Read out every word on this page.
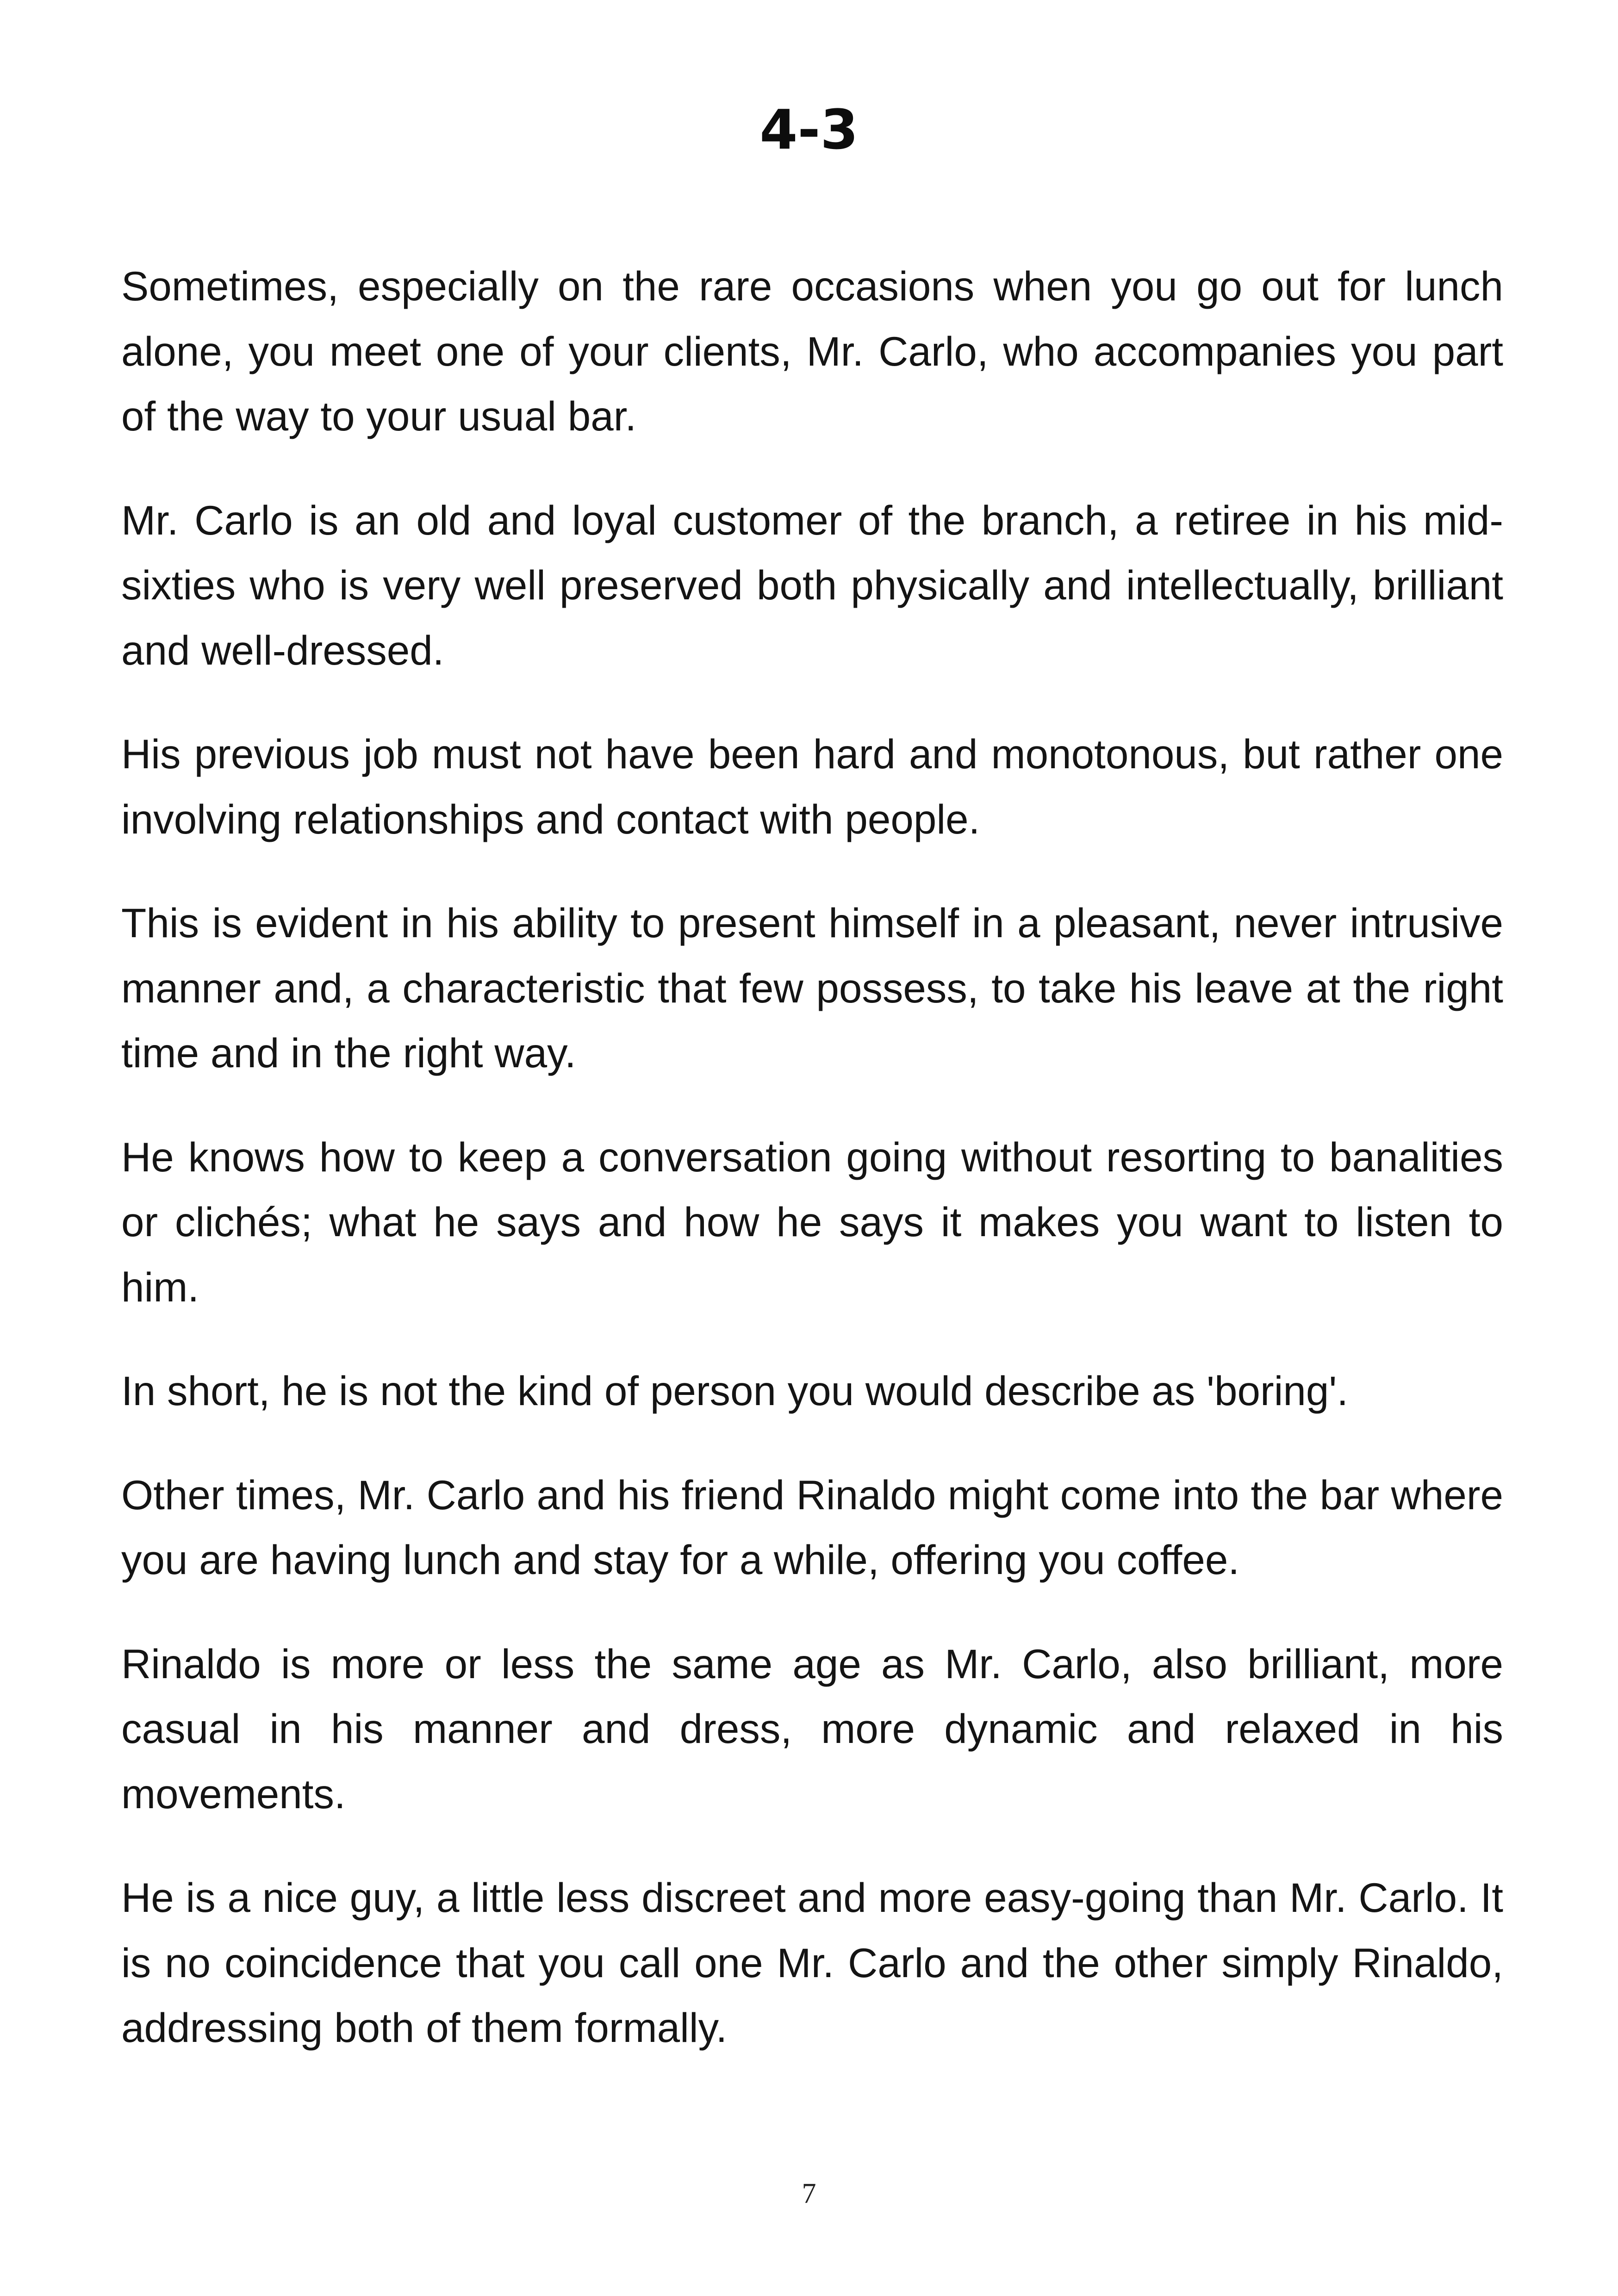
4-3

Sometimes, especially on the rare occasions when you go out for lunch alone, you meet one of your clients, Mr. Carlo, who accompanies you part of the way to your usual bar.

Mr. Carlo is an old and loyal customer of the branch, a retiree in his mid-sixties who is very well preserved both physically and intellectually, brilliant and well-dressed.

His previous job must not have been hard and monotonous, but rather one involving relationships and contact with people.

This is evident in his ability to present himself in a pleasant, never intrusive manner and, a characteristic that few possess, to take his leave at the right time and in the right way.

He knows how to keep a conversation going without resorting to banalities or clichés; what he says and how he says it makes you want to listen to him.

In short, he is not the kind of person you would describe as 'boring'.

Other times, Mr. Carlo and his friend Rinaldo might come into the bar where you are having lunch and stay for a while, offering you coffee.

Rinaldo is more or less the same age as Mr. Carlo, also brilliant, more casual in his manner and dress, more dynamic and relaxed in his movements.

He is a nice guy, a little less discreet and more easy-going than Mr. Carlo. It is no coincidence that you call one Mr. Carlo and the other simply Rinaldo, addressing both of them formally.

7
